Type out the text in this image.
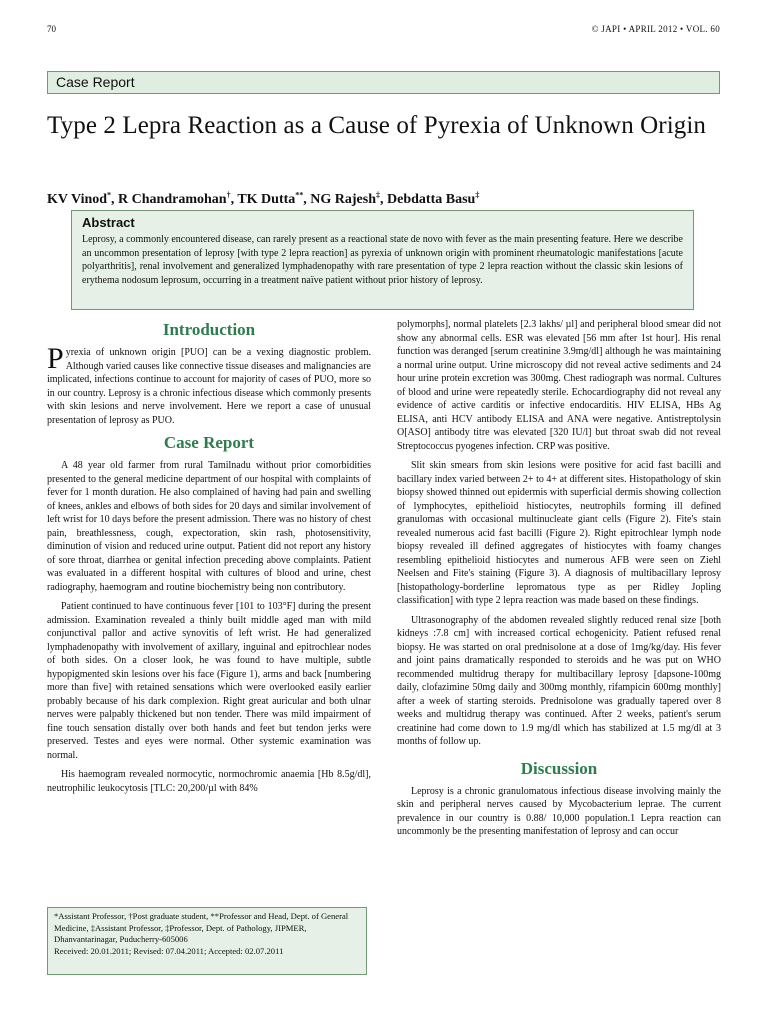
70	© JAPI • APRIL 2012 • VOL. 60
Case Report
Type 2 Lepra Reaction as a Cause of Pyrexia of Unknown Origin
KV Vinod*, R Chandramohan†, TK Dutta**, NG Rajesh‡, Debdatta Basu‡
Abstract

Leprosy, a commonly encountered disease, can rarely present as a reactional state de novo with fever as the main presenting feature. Here we describe an uncommon presentation of leprosy [with type 2 lepra reaction] as pyrexia of unknown origin with prominent rheumatologic manifestations [acute polyarthritis], renal involvement and generalized lymphadenopathy with rare presentation of type 2 lepra reaction without the classic skin lesions of erythema nodosum leprosum, occurring in a treatment naïve patient without prior history of leprosy.

Introduction

Pyrexia of unknown origin [PUO] can be a vexing diagnostic problem. Although varied causes like connective tissue diseases and malignancies are implicated, infections continue to account for majority of cases of PUO, more so in our country. Leprosy is a chronic infectious disease which commonly presents with skin lesions and nerve involvement. Here we report a case of unusual presentation of leprosy as PUO.

Case Report

A 48 year old farmer from rural Tamilnadu without prior comorbidities presented to the general medicine department of our hospital with complaints of fever for 1 month duration. He also complained of having had pain and swelling of knees, ankles and elbows of both sides for 20 days and similar involvement of left wrist for 10 days before the present admission. There was no history of chest pain, breathlessness, cough, expectoration, skin rash, photosensitivity, diminution of vision and reduced urine output. Patient did not report any history of sore throat, diarrhea or genital infection preceding above complaints. Patient was evaluated in a different hospital with cultures of blood and urine, chest radiography, haemogram and routine biochemistry being non contributory.

Patient continued to have continuous fever [101 to 103°F] during the present admission. Examination revealed a thinly built middle aged man with mild conjunctival pallor and active synovitis of left wrist. He had generalized lymphadenopathy with involvement of axillary, inguinal and epitrochlear nodes of both sides. On a closer look, he was found to have multiple, subtle hypopigmented skin lesions over his face (Figure 1), arms and back [numbering more than five] with retained sensations which were overlooked easily earlier probably because of his dark complexion. Right great auricular and both ulnar nerves were palpably thickened but non tender. There was mild impairment of fine touch sensation distally over both hands and feet but tendon jerks were preserved. Testes and eyes were normal. Other systemic examination was normal.

His haemogram revealed normocytic, normochromic anaemia [Hb 8.5g/dl], neutrophilic leukocytosis [TLC: 20,200/µl with 84%

polymorphs], normal platelets [2.3 lakhs/ µl] and peripheral blood smear did not show any abnormal cells. ESR was elevated [56 mm after 1st hour]. His renal function was deranged [serum creatinine 3.9mg/dl] although he was maintaining a normal urine output. Urine microscopy did not reveal active sediments and 24 hour urine protein excretion was 300mg. Chest radiograph was normal. Cultures of blood and urine were repeatedly sterile. Echocardiography did not reveal any evidence of active carditis or infective endocarditis. HIV ELISA, HBs Ag ELISA, anti HCV antibody ELISA and ANA were negative. Antistreptolysin O[ASO] antibody titre was elevated [320 IU/l] but throat swab did not reveal Streptococcus pyogenes infection. CRP was positive.

Slit skin smears from skin lesions were positive for acid fast bacilli and bacillary index varied between 2+ to 4+ at different sites. Histopathology of skin biopsy showed thinned out epidermis with superficial dermis showing collection of lymphocytes, epithelioid histiocytes, neutrophils forming ill defined granulomas with occasional multinucleate giant cells (Figure 2). Fite's stain revealed numerous acid fast bacilli (Figure 2). Right epitrochlear lymph node biopsy revealed ill defined aggregates of histiocytes with foamy changes resembling epithelioid histiocytes and numerous AFB were seen on Ziehl Neelsen and Fite's staining (Figure 3). A diagnosis of multibacillary leprosy [histopathology-borderline lepromatous type as per Ridley Jopling classification] with type 2 lepra reaction was made based on these findings.

Ultrasonography of the abdomen revealed slightly reduced renal size [both kidneys :7.8 cm] with increased cortical echogenicity. Patient refused renal biopsy. He was started on oral prednisolone at a dose of 1mg/kg/day. His fever and joint pains dramatically responded to steroids and he was put on WHO recommended multidrug therapy for multibacillary leprosy [dapsone-100mg daily, clofazimine 50mg daily and 300mg monthly, rifampicin 600mg monthly] after a week of starting steroids. Prednisolone was gradually tapered over 8 weeks and multidrug therapy was continued. After 2 weeks, patient's serum creatinine had come down to 1.9 mg/dl which has stabilized at 1.5 mg/dl at 3 months of follow up.

Discussion

Leprosy is a chronic granulomatous infectious disease involving mainly the skin and peripheral nerves caused by Mycobacterium leprae. The current prevalence in our country is 0.88/ 10,000 population.1 Lepra reaction can uncommonly be the presenting manifestation of leprosy and can occur

*Assistant Professor, †Post graduate student, **Professor and Head, Dept. of General Medicine, ‡Assistant Professor, ‡Professor, Dept. of Pathology, JIPMER, Dhanvantarinagar, Puducherry-605006

Received: 20.01.2011; Revised: 07.04.2011; Accepted: 02.07.2011
